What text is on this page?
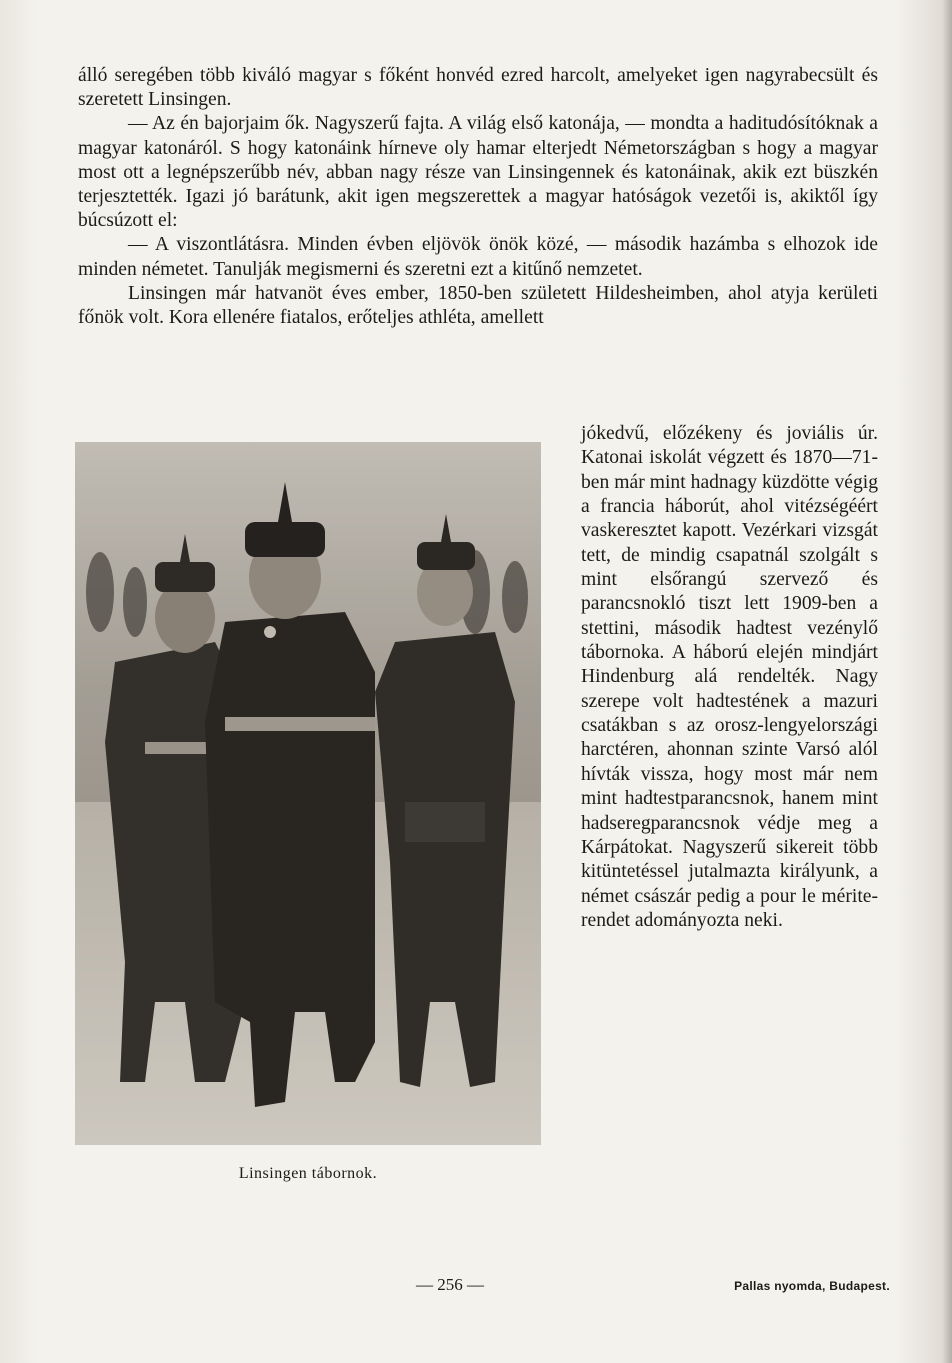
álló seregében több kiváló magyar s főként honvéd ezred harcolt, amelyeket igen nagyrabecsült és szeretett Linsingen.

— Az én bajorjaim ők. Nagyszerű fajta. A világ első katonája, — mondta a haditudósítóknak a magyar katonáról. S hogy katonáink hírneve oly hamar elterjedt Németországban s hogy a magyar most ott a legnépszerűbb név, abban nagy része van Linsingennek és katonáinak, akik ezt büszkén terjesztették. Igazi jó barátunk, akit igen megszerettek a magyar hatóságok vezetői is, akiktől így búcsúzott el:

— A viszontlátásra. Minden évben eljövök önök közé, — második hazámba s elhozok ide minden németet. Tanulják megismerni és szeretni ezt a kitűnő nemzetet.

Linsingen már hatvanöt éves ember, 1850-ben született Hildesheimben, ahol atyja kerületi főnök volt. Kora ellenére fiatalos, erőteljes athléta, amellett

jókedvű, előzékeny és joviális úr. Katonai iskolát végzett és 1870—71-ben már mint hadnagy küzdötte végig a francia háborút, ahol vitézségéért vaskeresztet kapott. Vezérkari vizsgát tett, de mindig csapatnál szolgált s mint elsőrangú szervező és parancsnokló tiszt lett 1909-ben a stettini, második hadtest vezénylő tábornoka. A háború elején mindjárt Hindenburg alá rendelték. Nagy szerepe volt hadtestének a mazuri csatákban s az orosz-lengyelországi harctéren, ahonnan szinte Varsó alól hívták vissza, hogy most már nem mint hadtestparancsnok, hanem mint hadseregparancsnok védje meg a Kárpátokat. Nagyszerű sikereit több kitüntetéssel jutalmazta királyunk, a német császár pedig a pour le mérite-rendet adományozta neki.
Linsingen tábornok.
— 256 —	Pallas nyomda, Budapest.
